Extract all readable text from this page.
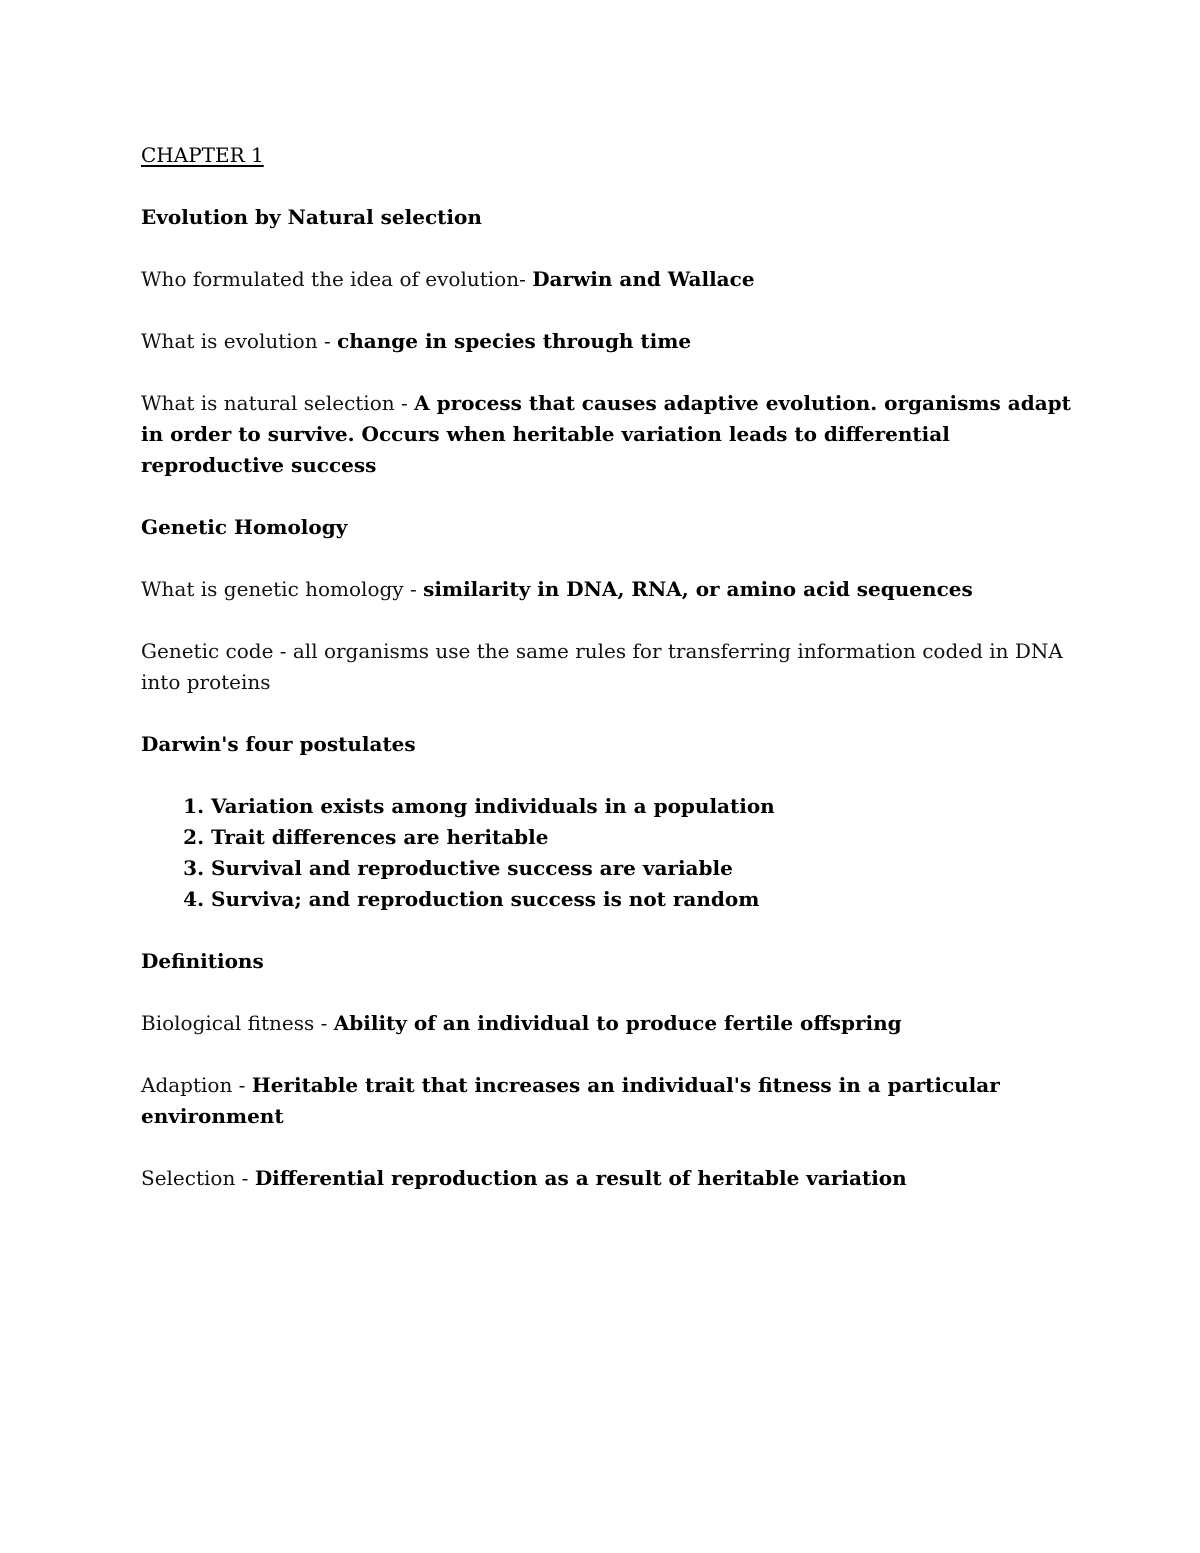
CHAPTER 1

Evolution by Natural selection

Who formulated the idea of evolution- Darwin and Wallace

What is evolution - change in species through time

What is natural selection - A process that causes adaptive evolution. organisms adapt in order to survive. Occurs when heritable variation leads to differential reproductive success

Genetic Homology

What is genetic homology - similarity in DNA, RNA, or amino acid sequences

Genetic code - all organisms use the same rules for transferring information coded in DNA into proteins

Darwin's four postulates

1. Variation exists among individuals in a population
2. Trait differences are heritable
3. Survival and reproductive success are variable
4. Surviva; and reproduction success is not random

Definitions

Biological fitness - Ability of an individual to produce fertile offspring

Adaption - Heritable trait that increases an individual's fitness in a particular environment

Selection - Differential reproduction as a result of heritable variation
